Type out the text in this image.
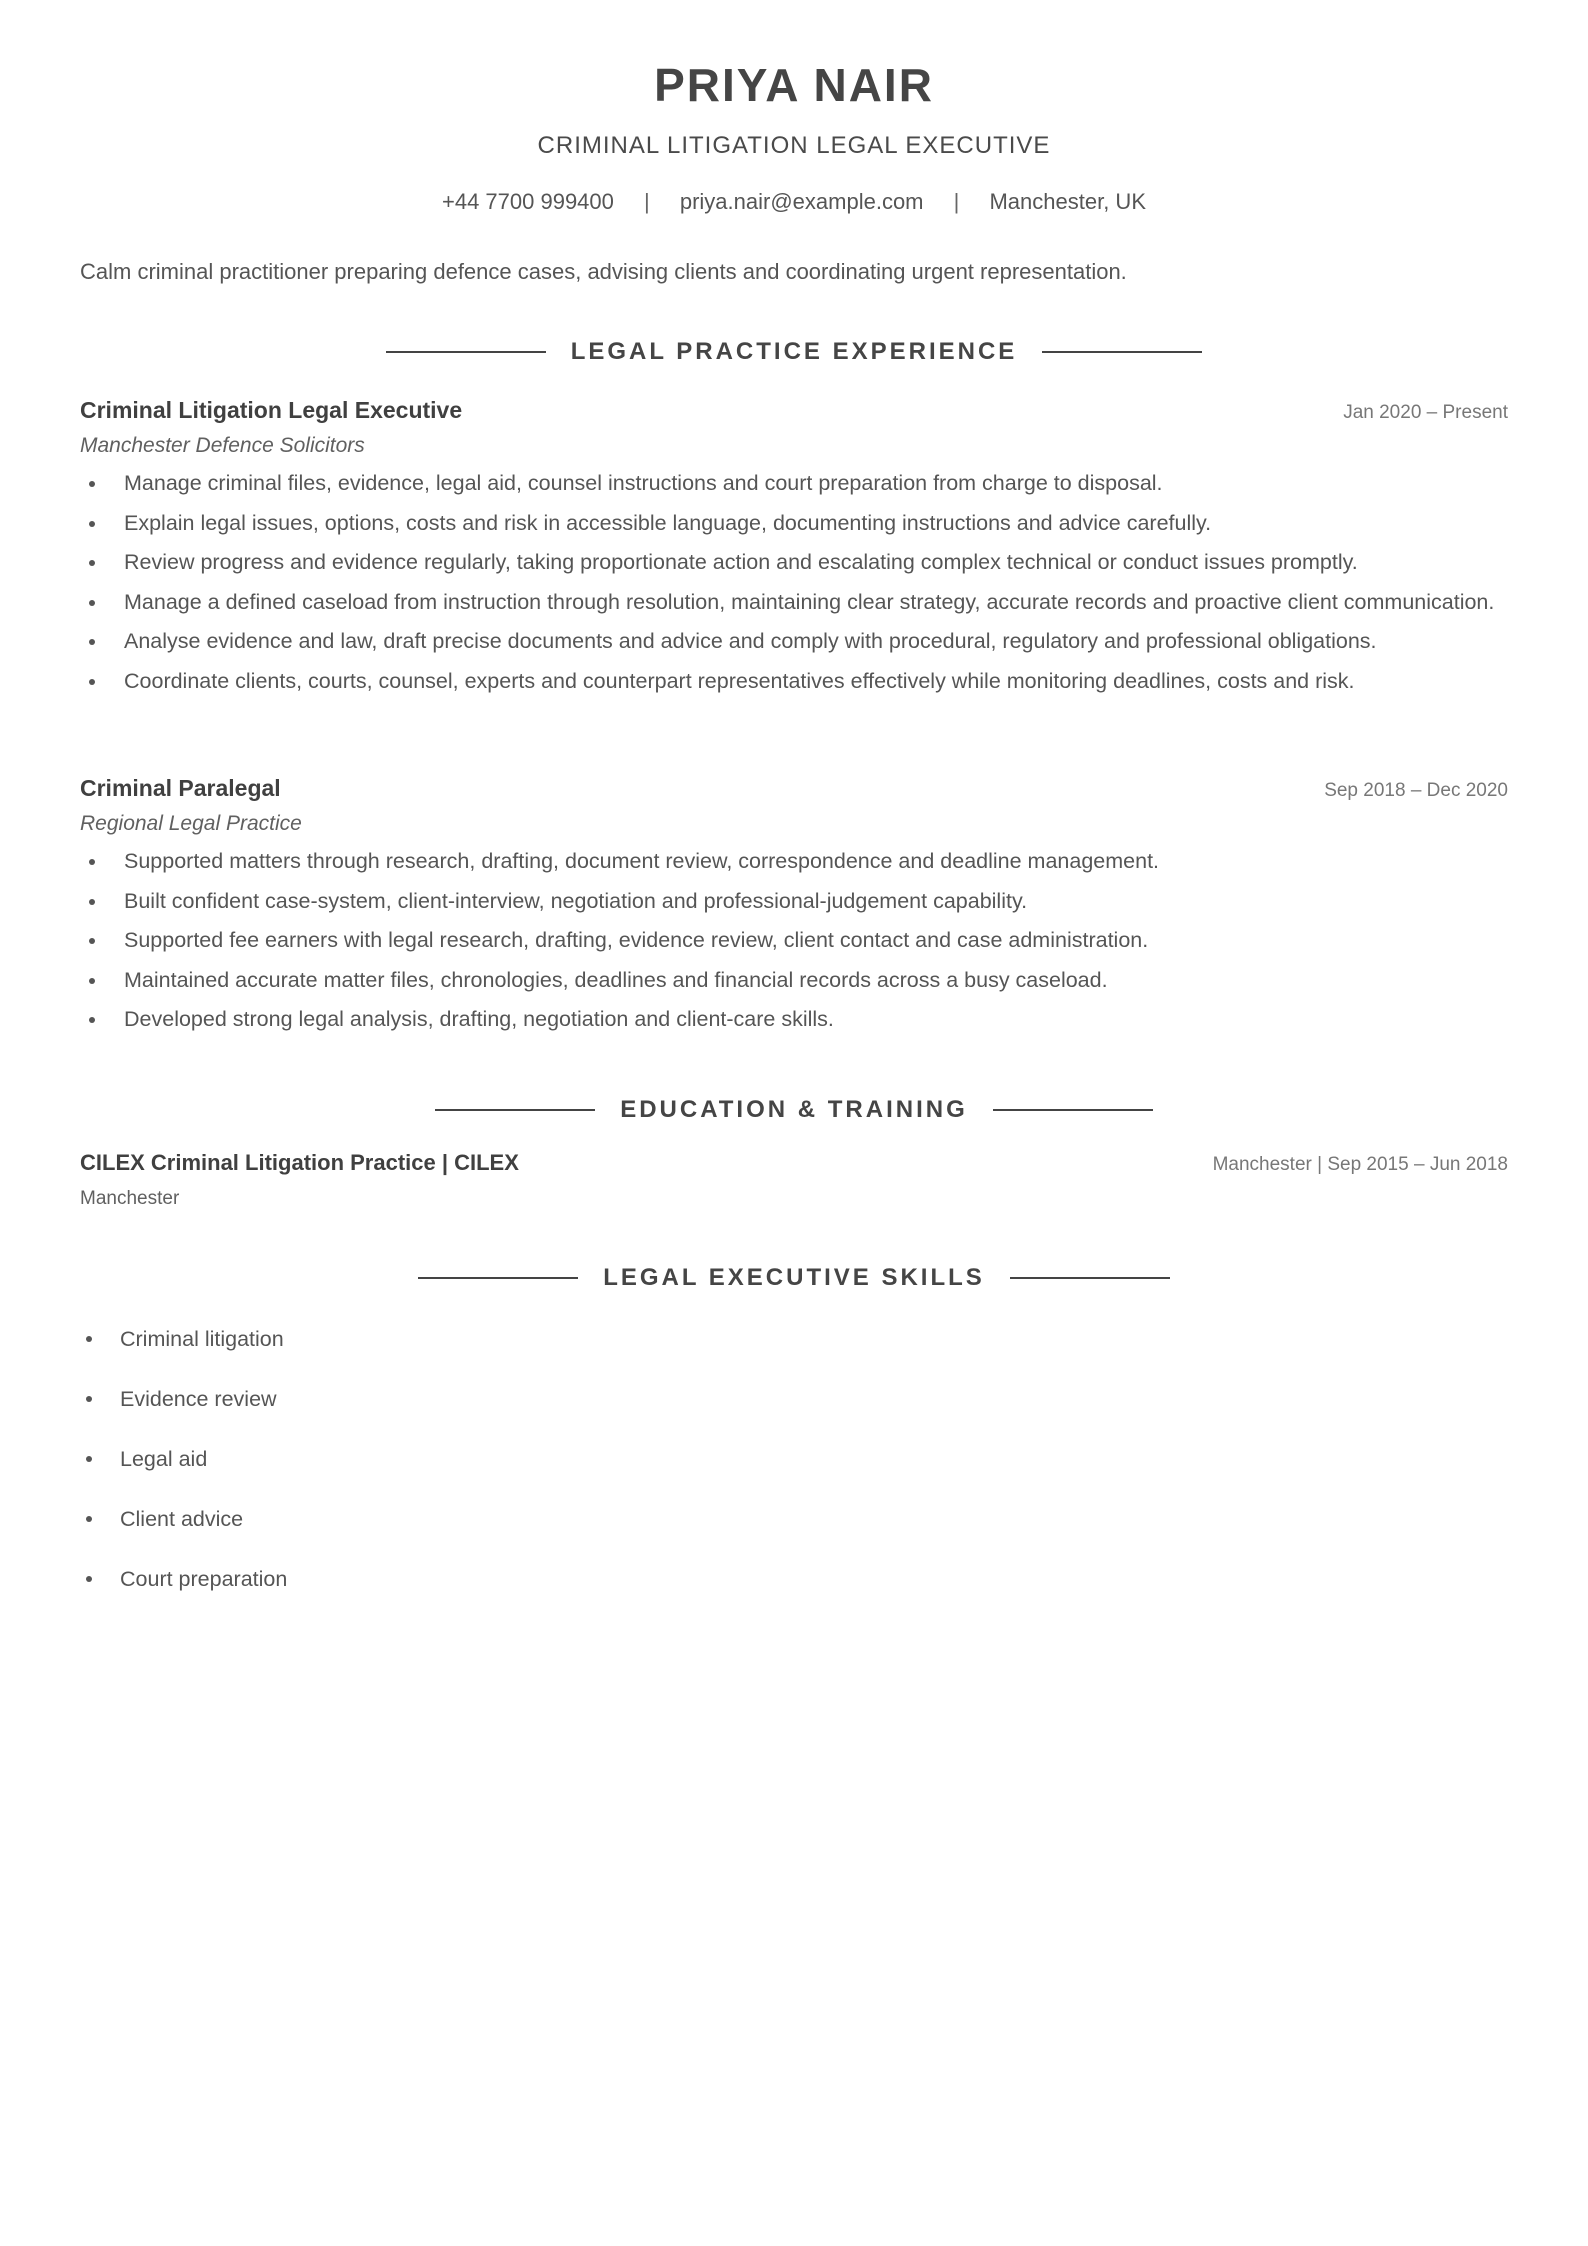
PRIYA NAIR
CRIMINAL LITIGATION LEGAL EXECUTIVE
+44 7700 999400 | priya.nair@example.com | Manchester, UK

Calm criminal practitioner preparing defence cases, advising clients and coordinating urgent representation.

LEGAL PRACTICE EXPERIENCE
Criminal Litigation Legal Executive	Jan 2020 – Present
Manchester Defence Solicitors
Manage criminal files, evidence, legal aid, counsel instructions and court preparation from charge to disposal.
Explain legal issues, options, costs and risk in accessible language, documenting instructions and advice carefully.
Review progress and evidence regularly, taking proportionate action and escalating complex technical or conduct issues promptly.
Manage a defined caseload from instruction through resolution, maintaining clear strategy, accurate records and proactive client communication.
Analyse evidence and law, draft precise documents and advice and comply with procedural, regulatory and professional obligations.
Coordinate clients, courts, counsel, experts and counterpart representatives effectively while monitoring deadlines, costs and risk.
Criminal Paralegal	Sep 2018 – Dec 2020
Regional Legal Practice
Supported matters through research, drafting, document review, correspondence and deadline management.
Built confident case-system, client-interview, negotiation and professional-judgement capability.
Supported fee earners with legal research, drafting, evidence review, client contact and case administration.
Maintained accurate matter files, chronologies, deadlines and financial records across a busy caseload.
Developed strong legal analysis, drafting, negotiation and client-care skills.
EDUCATION & TRAINING
CILEX Criminal Litigation Practice | CILEX	Manchester | Sep 2015 – Jun 2018
Manchester
LEGAL EXECUTIVE SKILLS
Criminal litigation
Evidence review
Legal aid
Client advice
Court preparation
